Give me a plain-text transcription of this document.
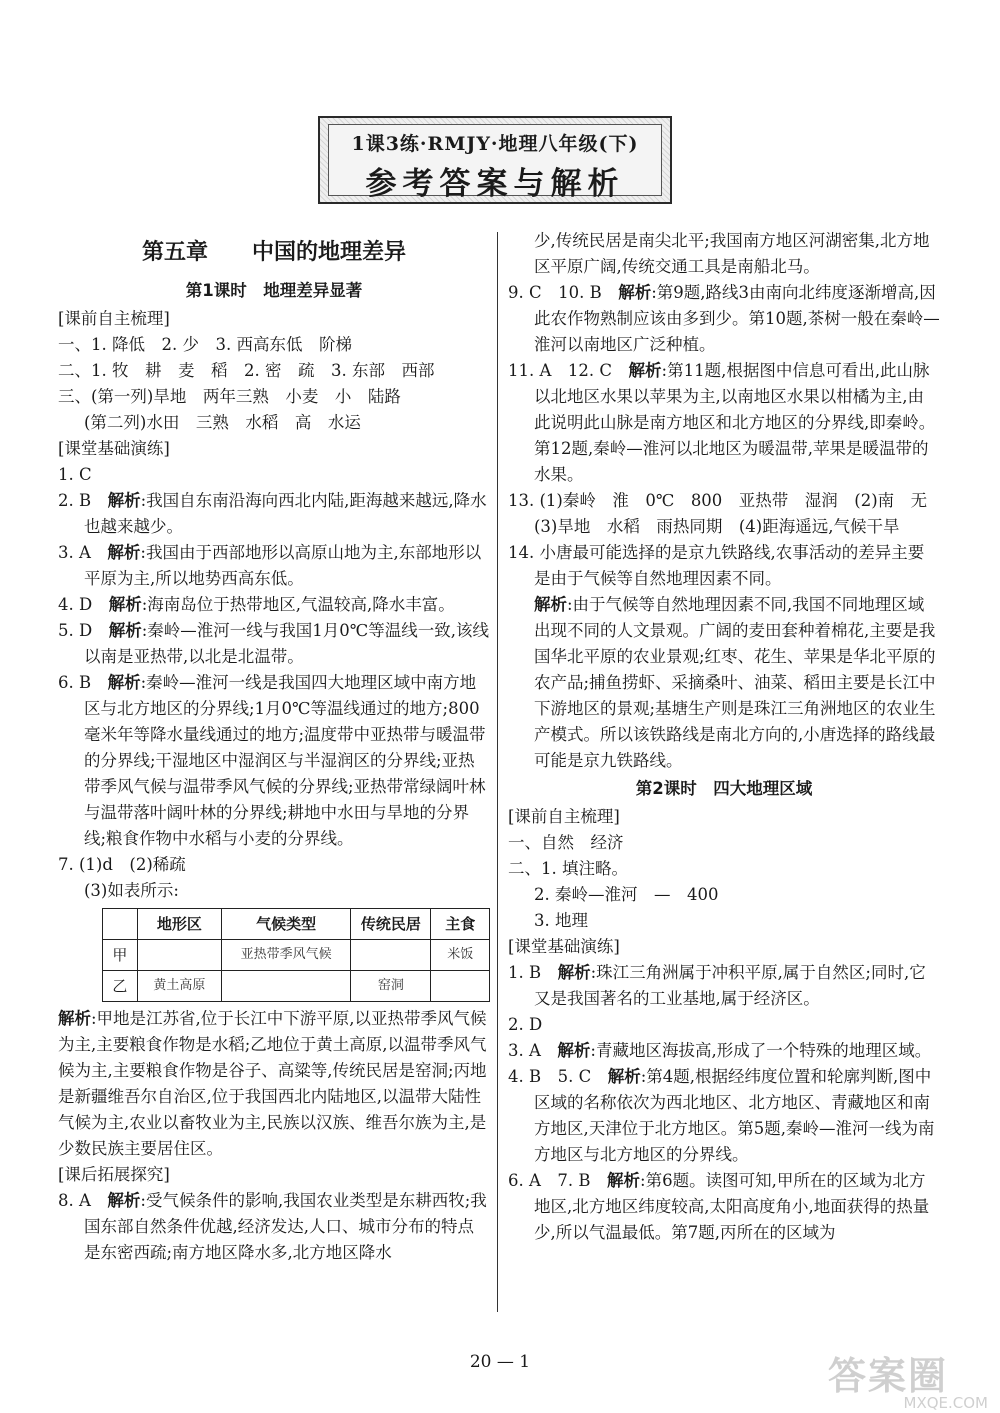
1课3练·RMJY·地理八年级(下)
参考答案与解析
第五章　　中国的地理差异
第1课时　地理差异显著
[课前自主梳理]
一、1. 降低　2. 少　3. 西高东低　阶梯
二、1. 牧　耕　麦　稻　2. 密　疏　3. 东部　西部
三、(第一列)旱地　两年三熟　小麦　小　陆路
(第二列)水田　三熟　水稻　高　水运
[课堂基础演练]
1. C
2. B　 解析:我国自东南沿海向西北内陆,距海越来越远,降水也越来越少。
3. A　 解析:我国由于西部地形以高原山地为主,东部地形以平原为主,所以地势西高东低。
4. D　 解析:海南岛位于热带地区,气温较高,降水丰富。
5. D　 解析:秦岭—淮河一线与我国1月0℃等温线一致,该线以南是亚热带,以北是北温带。
6. B　 解析:秦岭—淮河一线是我国四大地理区域中南方地区与北方地区的分界线;1月0℃等温线通过的地方;800毫米年等降水量线通过的地方;温度带中亚热带与暖温带的分界线;干湿地区中湿润区与半湿润区的分界线;亚热带季风气候与温带季风气候的分界线;亚热带常绿阔叶林与温带落叶阔叶林的分界线;耕地中水田与旱地的分界线;粮食作物中水稻与小麦的分界线。
7. (1)d　(2)稀疏
(3)如表所示:
	地形区	气候类型	传统民居	主食
甲		亚热带季风气候		米饭
乙	黄土高原		窑洞	
解析:甲地是江苏省,位于长江中下游平原,以亚热带季风气候为主,主要粮食作物是水稻;乙地位于黄土高原,以温带季风气候为主,主要粮食作物是谷子、高粱等,传统民居是窑洞;丙地是新疆维吾尔自治区,位于我国西北内陆地区,以温带大陆性气候为主,农业以畜牧业为主,民族以汉族、维吾尔族为主,是少数民族主要居住区。
[课后拓展探究]
8. A　 解析:受气候条件的影响,我国农业类型是东耕西牧;我国东部自然条件优越,经济发达,人口、城市分布的特点是东密西疏;南方地区降水多,北方地区降水
少,传统民居是南尖北平;我国南方地区河湖密集,北方地区平原广阔,传统交通工具是南船北马。
9. C　10. B　 解析:第9题,路线3由南向北纬度逐渐增高,因此农作物熟制应该由多到少。第10题,茶树一般在秦岭—淮河以南地区广泛种植。
11. A　12. C　 解析:第11题,根据图中信息可看出,此山脉以北地区水果以苹果为主,以南地区水果以柑橘为主,由此说明此山脉是南方地区和北方地区的分界线,即秦岭。第12题,秦岭—淮河以北地区为暖温带,苹果是暖温带的水果。
13. (1)秦岭　淮　0℃　800　亚热带　湿润　(2)南　无　(3)旱地　水稻　雨热同期　(4)距海遥远,气候干旱
14. 小唐最可能选择的是京九铁路线,农事活动的差异主要是由于气候等自然地理因素不同。
解析:由于气候等自然地理因素不同,我国不同地理区域出现不同的人文景观。广阔的麦田套种着棉花,主要是我国华北平原的农业景观;红枣、花生、苹果是华北平原的农产品;捕鱼捞虾、采摘桑叶、油菜、稻田主要是长江中下游地区的景观;基塘生产则是珠江三角洲地区的农业生产模式。所以该铁路线是南北方向的,小唐选择的路线最可能是京九铁路线。
第2课时　四大地理区域
[课前自主梳理]
一、自然　经济
二、1. 填注略。
2. 秦岭—淮河　—　400
3. 地理
[课堂基础演练]
1. B　 解析:珠江三角洲属于冲积平原,属于自然区;同时,它又是我国著名的工业基地,属于经济区。
2. D
3. A　 解析:青藏地区海拔高,形成了一个特殊的地理区域。
4. B　5. C　 解析:第4题,根据经纬度位置和轮廓判断,图中区域的名称依次为西北地区、北方地区、青藏地区和南方地区,天津位于北方地区。第5题,秦岭—淮河一线为南方地区与北方地区的分界线。
6. A　7. B　 解析:第6题。读图可知,甲所在的区域为北方地区,北方地区纬度较高,太阳高度角小,地面获得的热量少,所以气温最低。第7题,丙所在的区域为
20 — 1	答案圈
MXQE.COM
